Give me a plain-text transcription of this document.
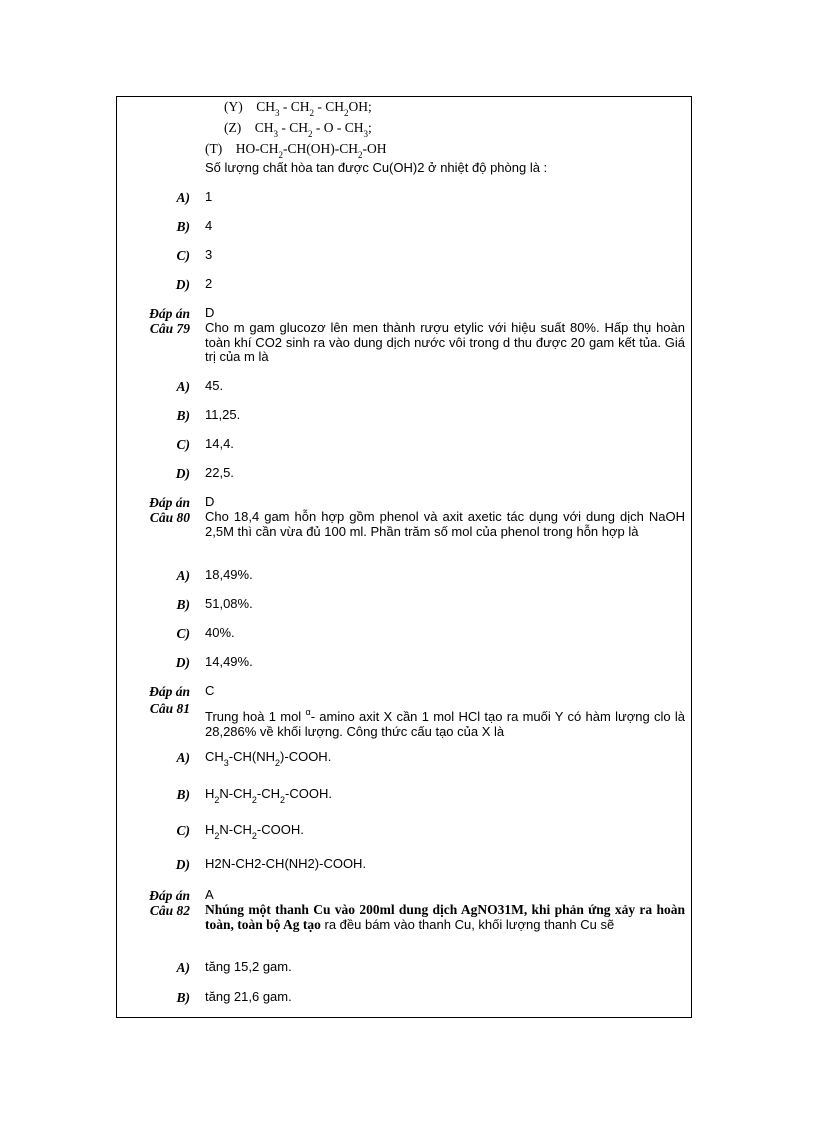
(Y) $CH_3 - CH_2 - CH_2OH$;
(Z) $CH_3 - CH_2$ - O - $CH_3$;
(T) $HO-CH_2-CH(OH)-CH_2-OH$
Số lượng chất hòa tan được Cu(OH)2 ở nhiệt độ phòng là :
A) 1
B) 4
C) 3
D) 2
Đáp án D
Câu 79 Cho m gam glucozơ lên men thành rượu etylic với hiệu suất 80%. Hấp thụ hoàn toàn khí CO2 sinh ra vào dung dịch nước vôi trong d thu được 20 gam kết tủa. Giá trị của m là
A) 45.
B) 11,25.
C) 14,4.
D) 22,5.
Đáp án D
Câu 80 Cho 18,4 gam hỗn hợp gồm phenol và axit axetic tác dụng với dung dịch NaOH 2,5M thì cần vừa đủ 100 ml. Phần trăm số mol của phenol trong hỗn hợp là
A) 18,49%.
B) 51,08%.
C) 40%.
D) 14,49%.
Đáp án C
Câu 81
Trung hoà 1 mol $^\alpha$- amino axit X cần 1 mol HCl tạo ra muối Y có hàm lượng clo là 28,286% về khối lượng. Công thức cấu tạo của X là
A) $CH_3-CH(NH_2)$-COOH.
B) $H_2N-CH_2-CH_2$-COOH.
C) $H_2N-CH_2$-COOH.
D) H2N-CH2-CH(NH2)-COOH.
Đáp án A
Câu 82 Nhúng một thanh Cu vào 200ml dung dịch AgNO31M, khi phản ứng xảy ra hoàn toàn, toàn bộ Ag tạo ra đều bám vào thanh Cu, khối lượng thanh Cu sẽ
A) tăng 15,2 gam.
B) tăng 21,6 gam.
